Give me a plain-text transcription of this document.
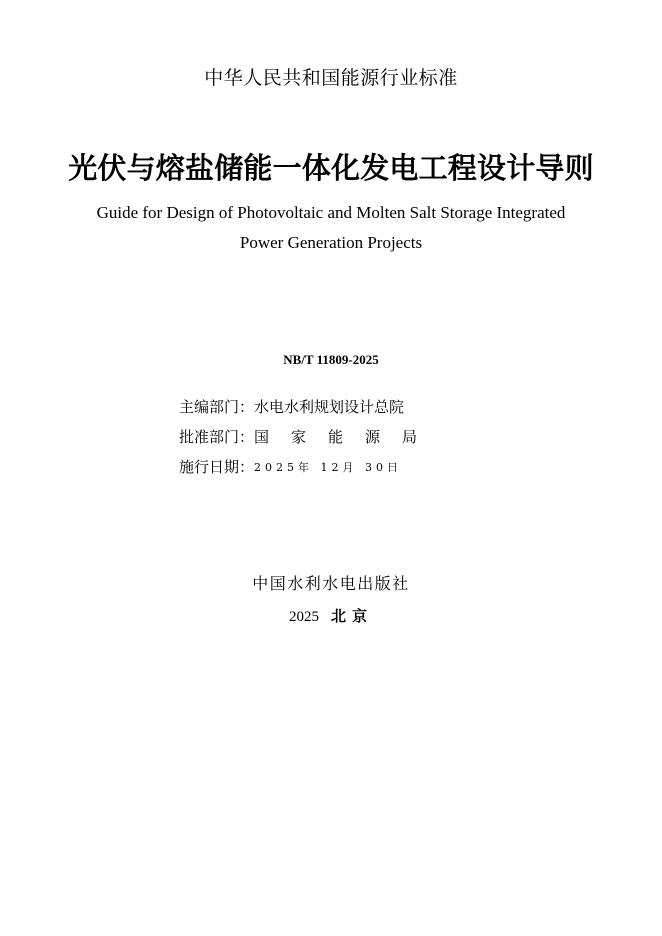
中华人民共和国能源行业标准
光伏与熔盐储能一体化发电工程设计导则
Guide for Design of Photovoltaic and Molten Salt Storage Integrated
Power Generation Projects
NB/T 11809-2025
主编部门：水电水利规划设计总院
批准部门：国家能源局
施行日期：2025年 12月 30日
中国水利水电出版社
2025 北京
